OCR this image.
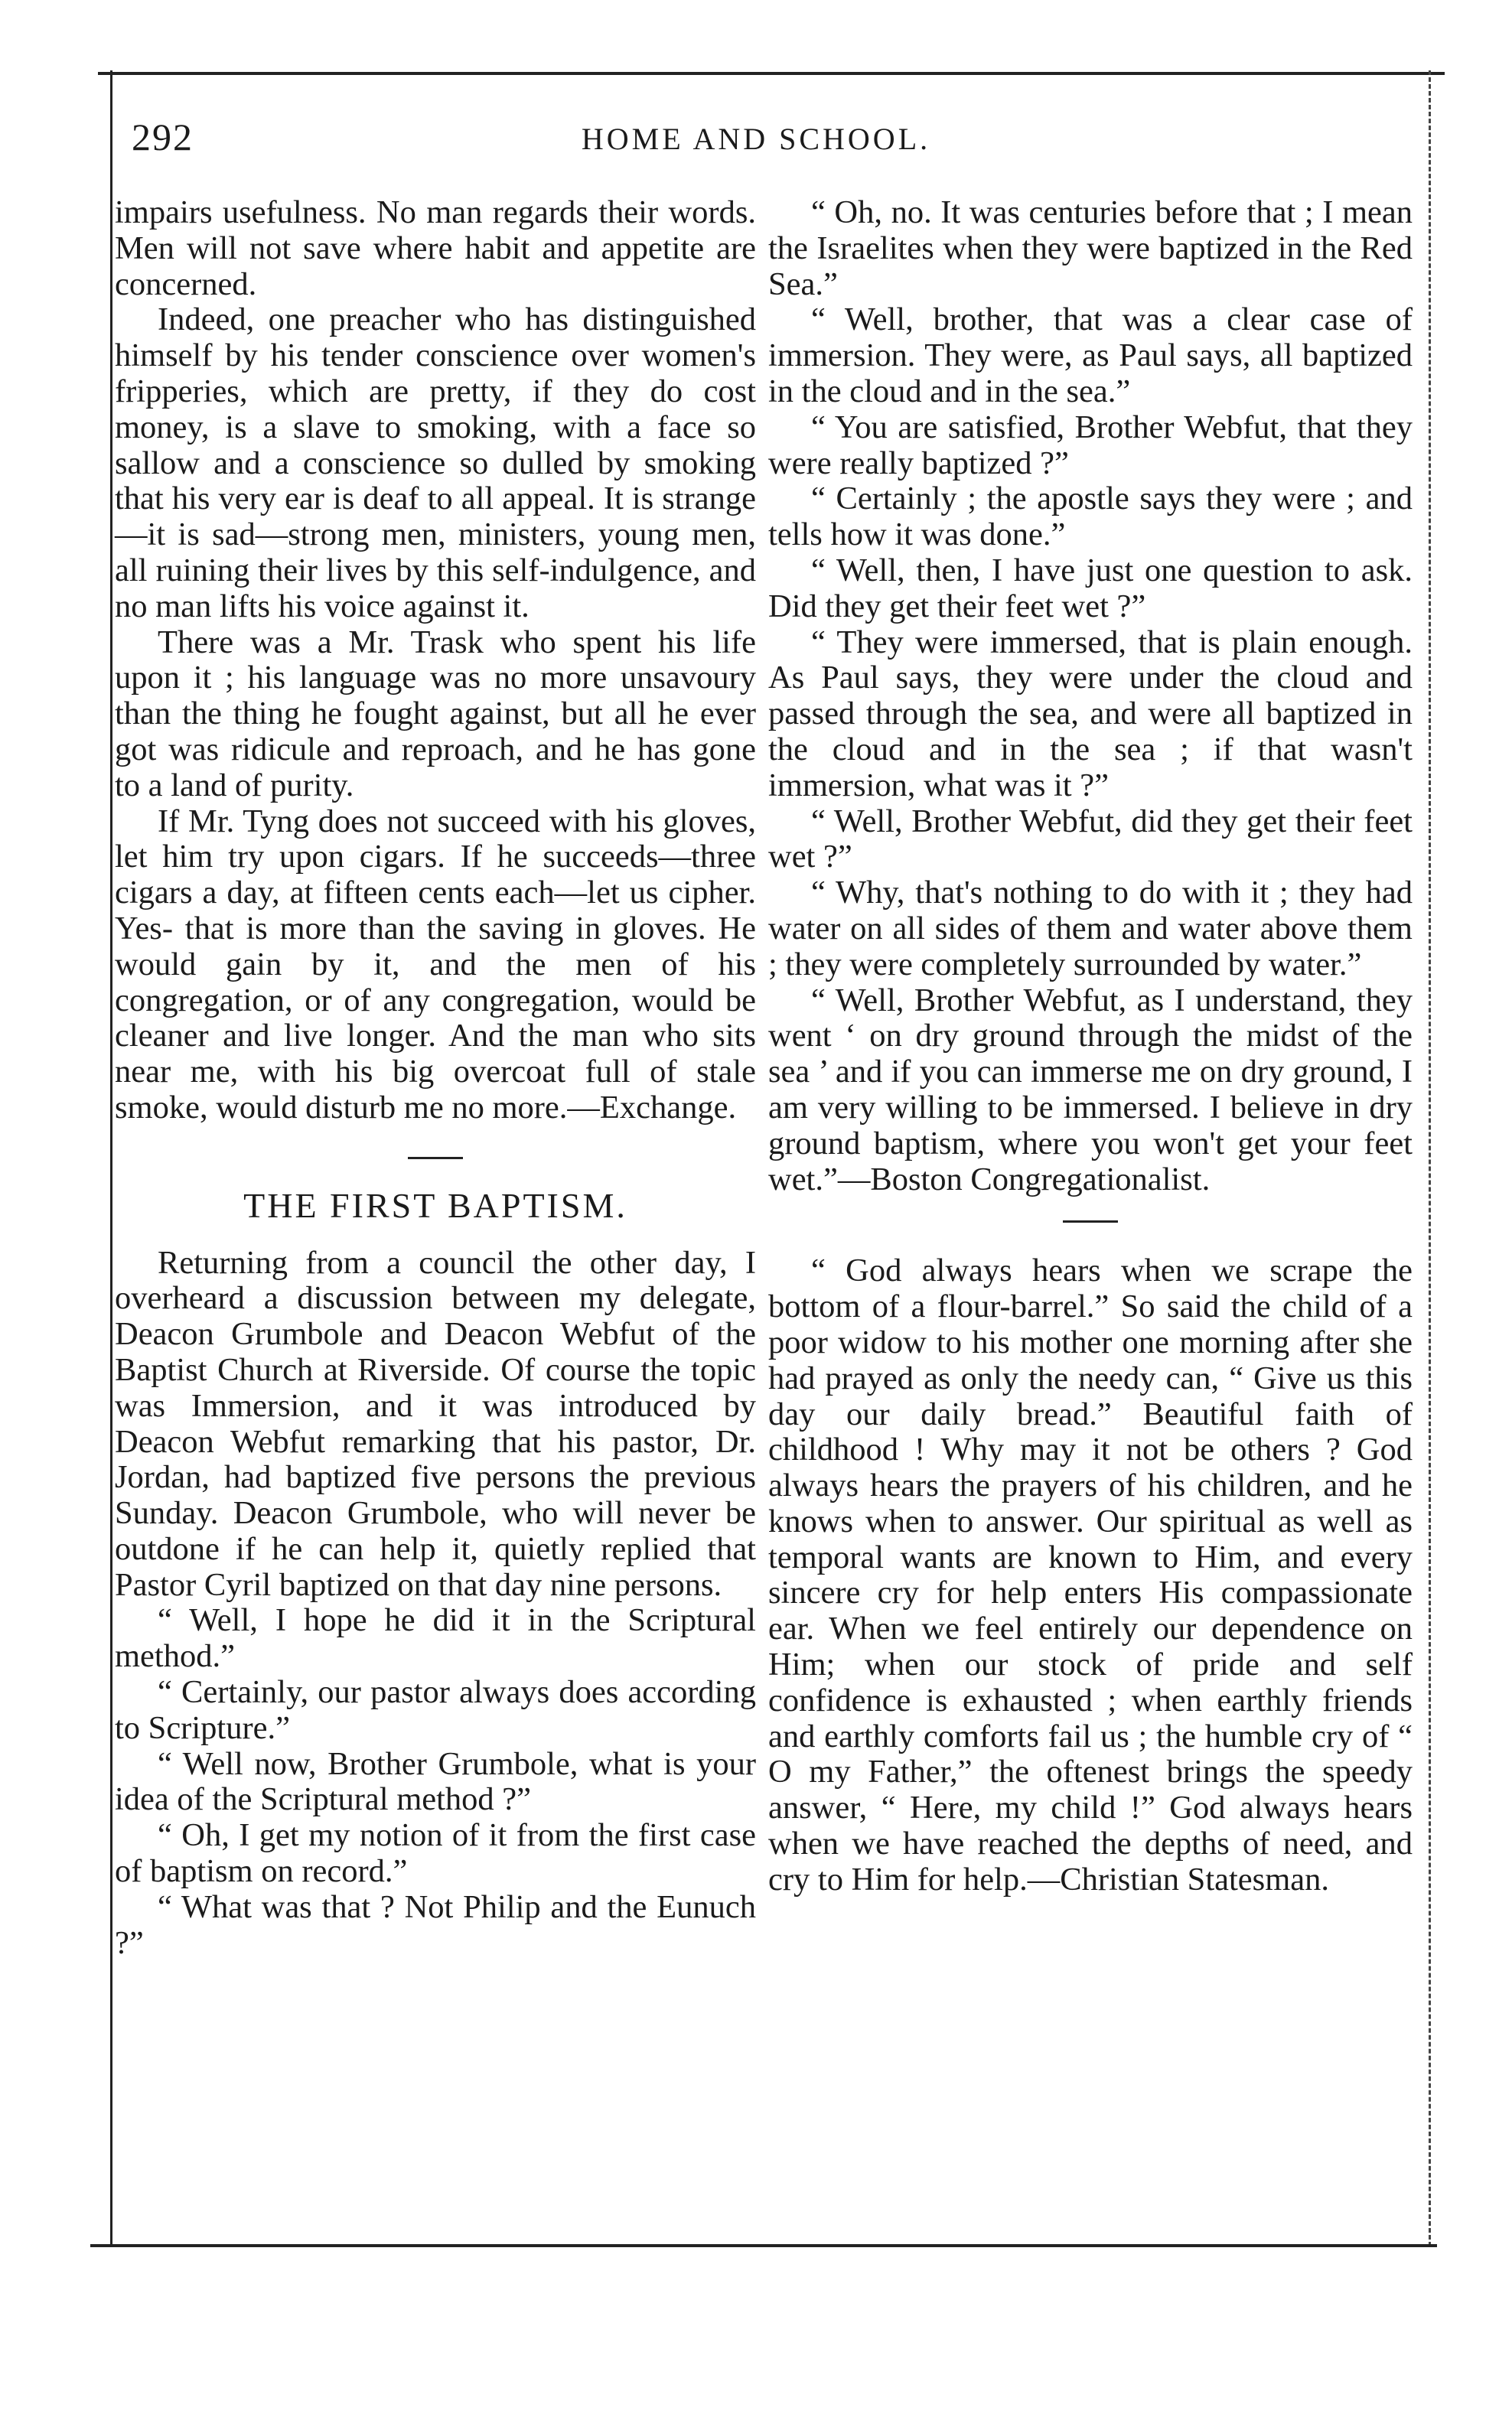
292	HOME AND SCHOOL.

impairs usefulness. No man regards their words. Men will not save where habit and appetite are concerned.

Indeed, one preacher who has distinguished himself by his tender conscience over women's fripperies, which are pretty, if they do cost money, is a slave to smoking, with a face so sallow and a conscience so dulled by smoking that his very ear is deaf to all appeal. It is strange—it is sad—strong men, ministers, young men, all ruining their lives by this self-indulgence, and no man lifts his voice against it.

There was a Mr. Trask who spent his life upon it ; his language was no more unsavoury than the thing he fought against, but all he ever got was ridicule and reproach, and he has gone to a land of purity.

If Mr. Tyng does not succeed with his gloves, let him try upon cigars. If he succeeds—three cigars a day, at fifteen cents each—let us cipher. Yes- that is more than the saving in gloves. He would gain by it, and the men of his congregation, or of any congregation, would be cleaner and live longer. And the man who sits near me, with his big overcoat full of stale smoke, would disturb me no more.—Exchange.

THE FIRST BAPTISM.

Returning from a council the other day, I overheard a discussion between my delegate, Deacon Grumbole and Deacon Webfut of the Baptist Church at Riverside. Of course the topic was Immersion, and it was introduced by Deacon Webfut remarking that his pastor, Dr. Jordan, had baptized five persons the previous Sunday. Deacon Grumbole, who will never be outdone if he can help it, quietly replied that Pastor Cyril baptized on that day nine persons.

“ Well, I hope he did it in the Scriptural method.”

“ Certainly, our pastor always does according to Scripture.”

“ Well now, Brother Grumbole, what is your idea of the Scriptural method ?”

“ Oh, I get my notion of it from the first case of baptism on record.”

“ What was that ? Not Philip and the Eunuch ?”

“ Oh, no. It was centuries before that ; I mean the Israelites when they were baptized in the Red Sea.”

“ Well, brother, that was a clear case of immersion. They were, as Paul says, all baptized in the cloud and in the sea.”

“ You are satisfied, Brother Webfut, that they were really baptized ?”

“ Certainly ; the apostle says they were ; and tells how it was done.”

“ Well, then, I have just one question to ask. Did they get their feet wet ?”

“ They were immersed, that is plain enough. As Paul says, they were under the cloud and passed through the sea, and were all baptized in the cloud and in the sea ; if that wasn't immersion, what was it ?”

“ Well, Brother Webfut, did they get their feet wet ?”

“ Why, that's nothing to do with it ; they had water on all sides of them and water above them ; they were completely surrounded by water.”

“ Well, Brother Webfut, as I understand, they went ‘ on dry ground through the midst of the sea ’ and if you can immerse me on dry ground, I am very willing to be immersed. I believe in dry ground baptism, where you won't get your feet wet.”—Boston Congregationalist.

“ God always hears when we scrape the bottom of a flour-barrel.” So said the child of a poor widow to his mother one morning after she had prayed as only the needy can, “ Give us this day our daily bread.” Beautiful faith of childhood ! Why may it not be others ? God always hears the prayers of his children, and he knows when to answer. Our spiritual as well as temporal wants are known to Him, and every sincere cry for help enters His compassionate ear. When we feel entirely our dependence on Him; when our stock of pride and self confidence is exhausted ; when earthly friends and earthly comforts fail us ; the humble cry of “ O my Father,” the oftenest brings the speedy answer, “ Here, my child !” God always hears when we have reached the depths of need, and cry to Him for help.—Christian Statesman.
